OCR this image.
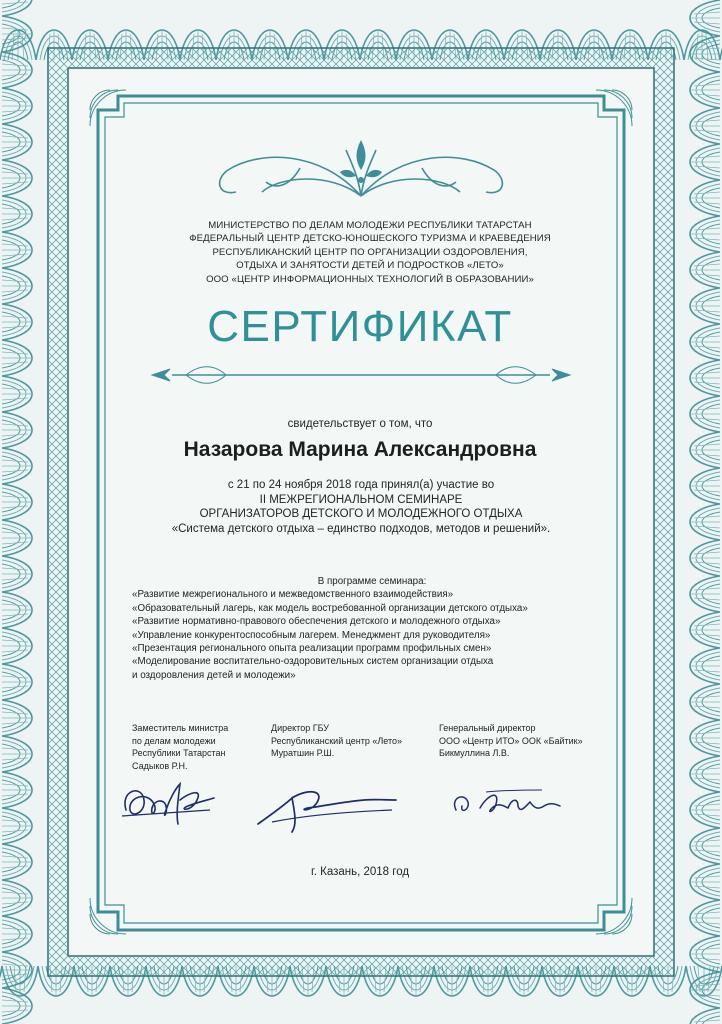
МИНИСТЕРСТВО ПО ДЕЛАМ МОЛОДЕЖИ РЕСПУБЛИКИ ТАТАРСТАН
ФЕДЕРАЛЬНЫЙ ЦЕНТР ДЕТСКО-ЮНОШЕСКОГО ТУРИЗМА И КРАЕВЕДЕНИЯ
РЕСПУБЛИКАНСКИЙ ЦЕНТР ПО ОРГАНИЗАЦИИ ОЗДОРОВЛЕНИЯ,
ОТДЫХА И ЗАНЯТОСТИ ДЕТЕЙ И ПОДРОСТКОВ «ЛЕТО»
ООО «ЦЕНТР ИНФОРМАЦИОННЫХ ТЕХНОЛОГИЙ В ОБРАЗОВАНИИ»
СЕРТИФИКАТ
свидетельствует о том, что
Назарова Марина Александровна
с 21 по 24 ноября 2018 года принял(а) участие во
II МЕЖРЕГИОНАЛЬНОМ СЕМИНАРЕ
ОРГАНИЗАТОРОВ ДЕТСКОГО И МОЛОДЕЖНОГО ОТДЫХА
«Система детского отдыха – единство подходов, методов и решений».
В программе семинара:
«Развитие межрегионального и межведомственного взаимодействия»
«Образовательный лагерь, как модель востребованной организации детского отдыха»
«Развитие нормативно-правового обеспечения детского и молодежного отдыха»
«Управление конкурентоспособным лагерем. Менеджмент для руководителя»
«Презентация регионального опыта реализации программ профильных смен»
«Моделирование воспитательно-оздоровительных систем организации отдыха
и оздоровления детей и молодежи»
Заместитель министра
по делам молодежи
Республики Татарстан
Садыков Р.Н.
Директор ГБУ
Республиканский центр «Лето»
Муратшин Р.Ш.
Генеральный директор
ООО «Центр ИТО» ООК «Байтик»
Бикмуллина Л.В.
г. Казань, 2018 год
